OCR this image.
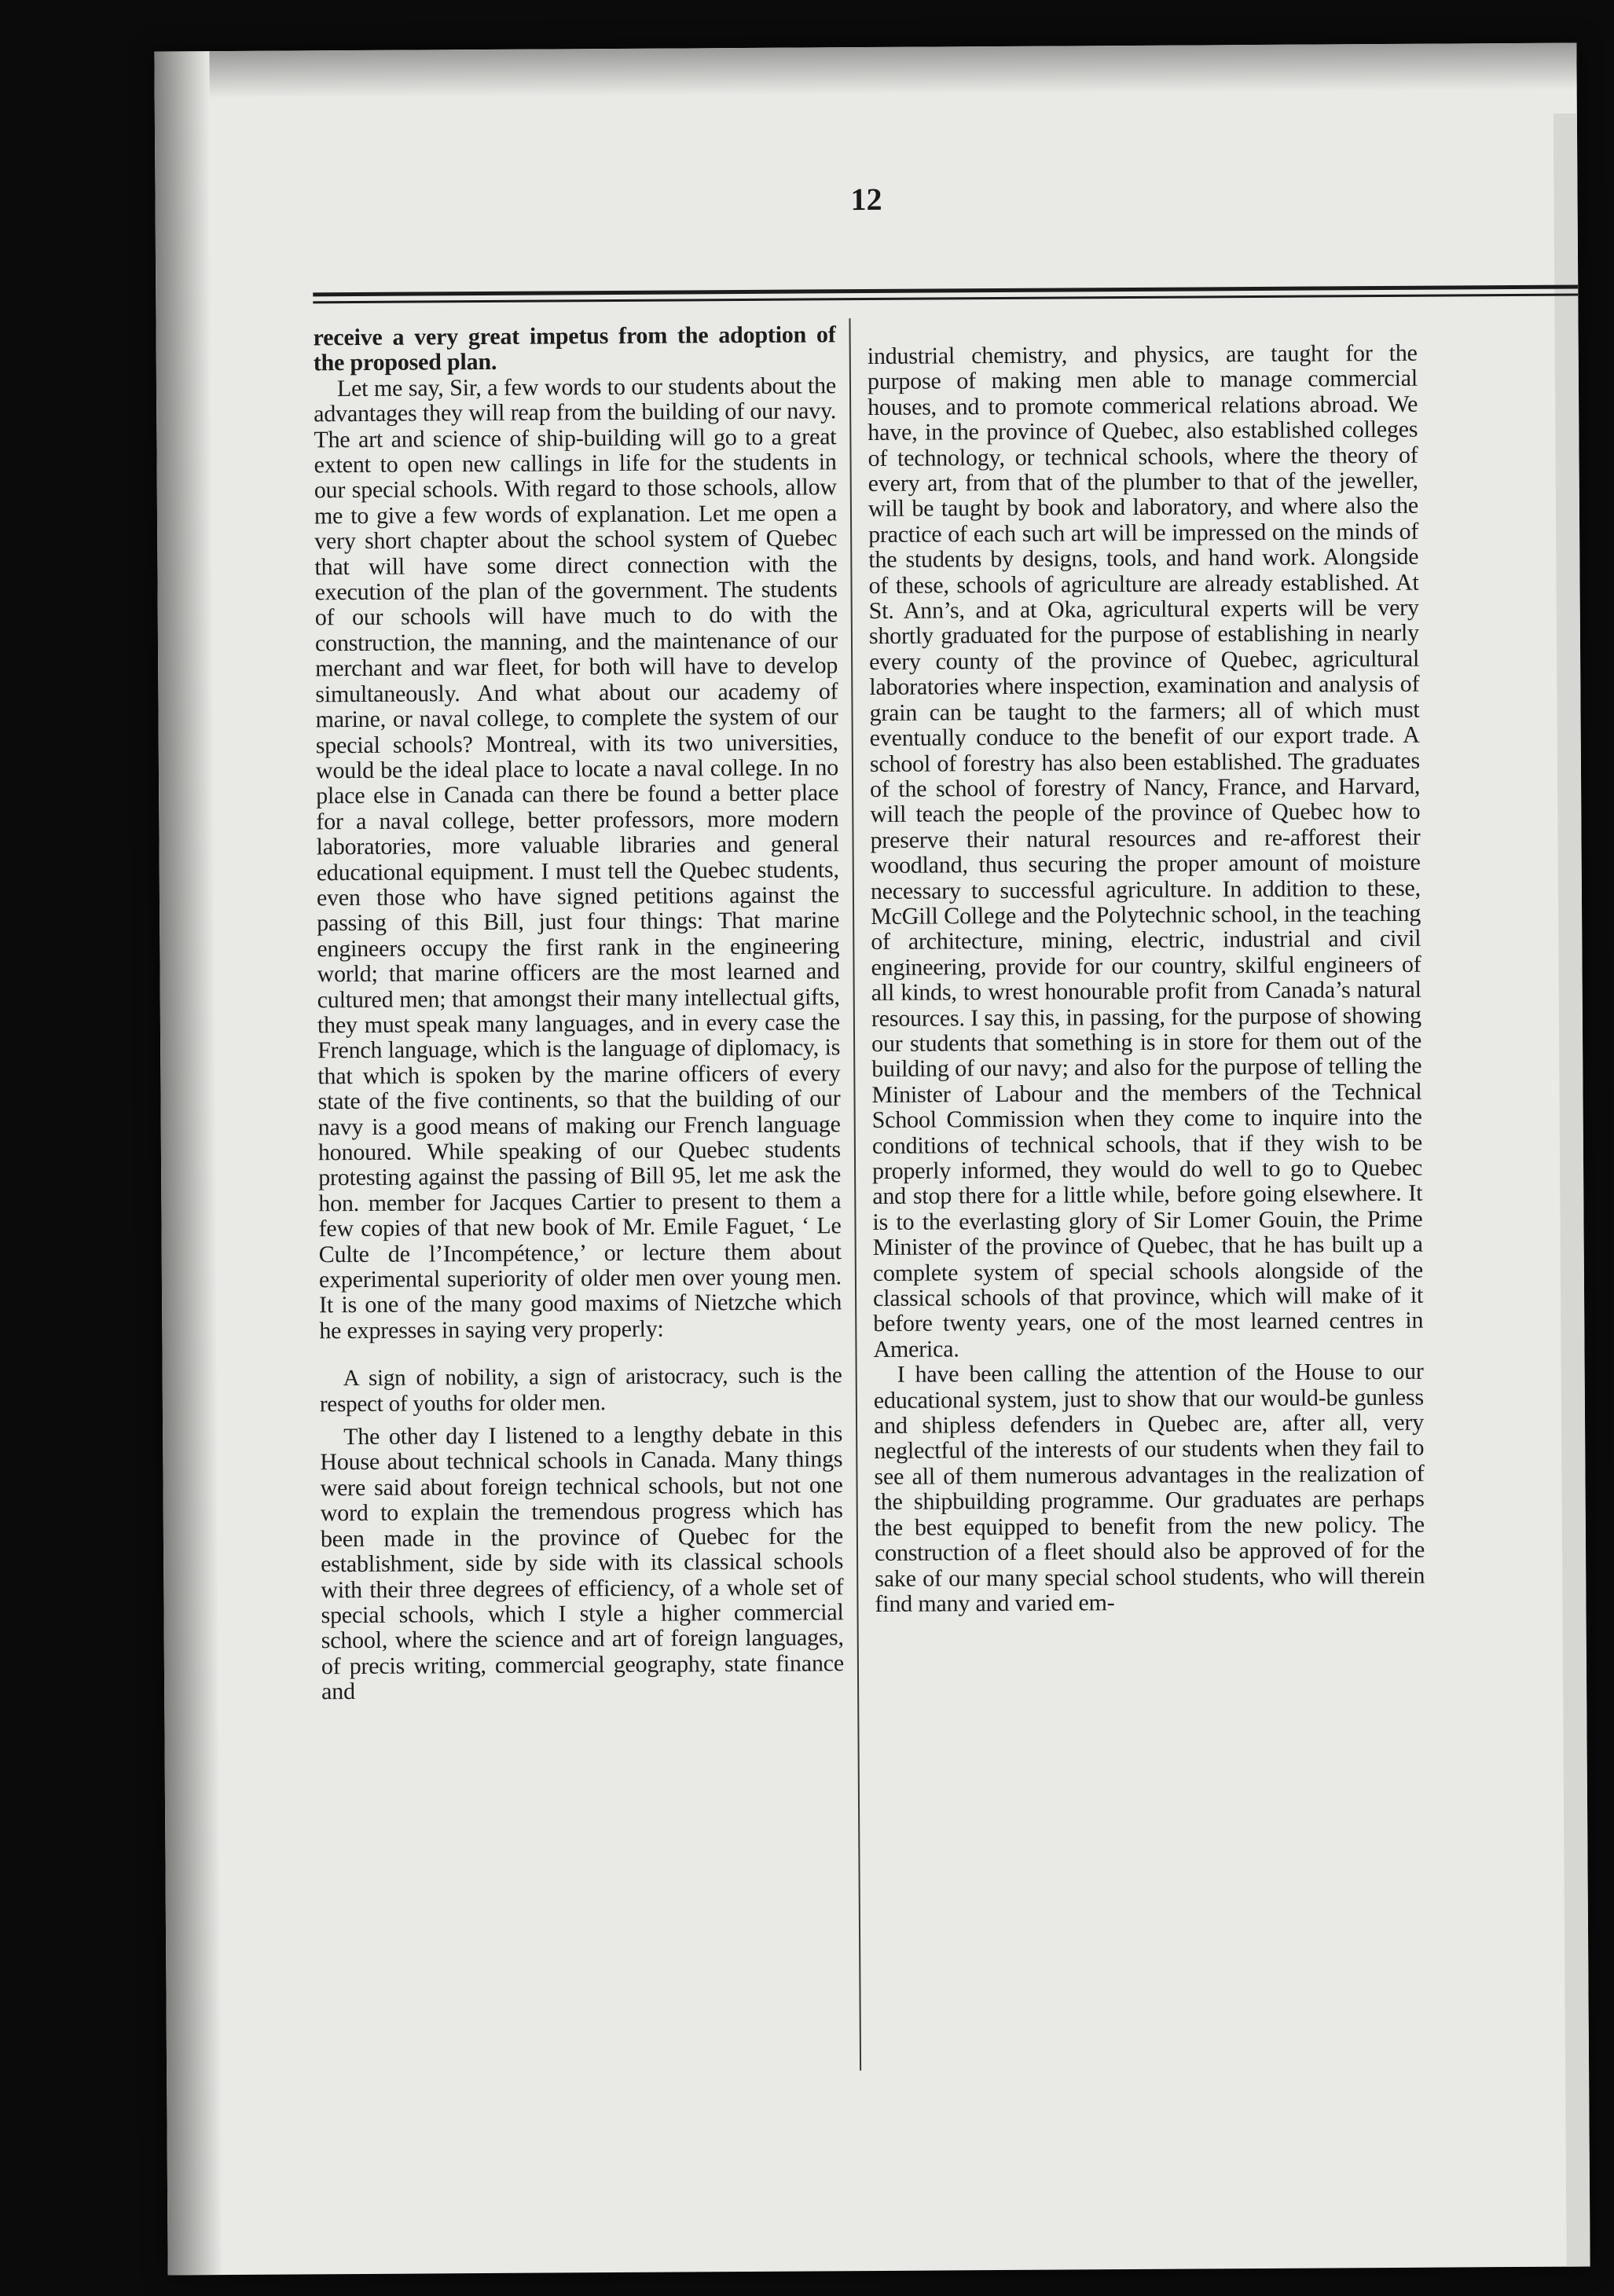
12

receive a very great impetus from the adoption of the proposed plan.

Let me say, Sir, a few words to our students about the advantages they will reap from the building of our navy. The art and science of ship-building will go to a great extent to open new callings in life for the students in our special schools. With regard to those schools, allow me to give a few words of explanation. Let me open a very short chapter about the school system of Quebec that will have some direct connection with the execution of the plan of the government. The students of our schools will have much to do with the construction, the manning, and the maintenance of our merchant and war fleet, for both will have to develop simultaneously. And what about our academy of marine, or naval college, to complete the system of our special schools? Montreal, with its two universities, would be the ideal place to locate a naval college. In no place else in Canada can there be found a better place for a naval college, better professors, more modern laboratories, more valuable libraries and general educational equipment. I must tell the Quebec students, even those who have signed petitions against the passing of this Bill, just four things: That marine engineers occupy the first rank in the engineering world; that marine officers are the most learned and cultured men; that amongst their many intellectual gifts, they must speak many languages, and in every case the French language, which is the language of diplomacy, is that which is spoken by the marine officers of every state of the five continents, so that the building of our navy is a good means of making our French language honoured. While speaking of our Quebec students protesting against the passing of Bill 95, let me ask the hon. member for Jacques Cartier to present to them a few copies of that new book of Mr. Emile Faguet, ‘ Le Culte de l’Incompétence,’ or lecture them about experimental superiority of older men over young men. It is one of the many good maxims of Nietzche which he expresses in saying very properly:

A sign of nobility, a sign of aristocracy, such is the respect of youths for older men.

The other day I listened to a lengthy debate in this House about technical schools in Canada. Many things were said about foreign technical schools, but not one word to explain the tremendous progress which has been made in the province of Quebec for the establishment, side by side with its classical schools with their three degrees of efficiency, of a whole set of special schools, which I style a higher commercial school, where the science and art of foreign languages, of precis writing, commercial geography, state finance and

industrial chemistry, and physics, are taught for the purpose of making men able to manage commercial houses, and to promote commerical relations abroad. We have, in the province of Quebec, also established colleges of technology, or technical schools, where the theory of every art, from that of the plumber to that of the jeweller, will be taught by book and laboratory, and where also the practice of each such art will be impressed on the minds of the students by designs, tools, and hand work. Alongside of these, schools of agriculture are already established. At St. Ann’s, and at Oka, agricultural experts will be very shortly graduated for the purpose of establishing in nearly every county of the province of Quebec, agricultural laboratories where inspection, examination and analysis of grain can be taught to the farmers; all of which must eventually conduce to the benefit of our export trade. A school of forestry has also been established. The graduates of the school of forestry of Nancy, France, and Harvard, will teach the people of the province of Quebec how to preserve their natural resources and re-afforest their woodland, thus securing the proper amount of moisture necessary to successful agriculture. In addition to these, McGill College and the Polytechnic school, in the teaching of architecture, mining, electric, industrial and civil engineering, provide for our country, skilful engineers of all kinds, to wrest honourable profit from Canada’s natural resources. I say this, in passing, for the purpose of showing our students that something is in store for them out of the building of our navy; and also for the purpose of telling the Minister of Labour and the members of the Technical School Commission when they come to inquire into the conditions of technical schools, that if they wish to be properly informed, they would do well to go to Quebec and stop there for a little while, before going elsewhere. It is to the everlasting glory of Sir Lomer Gouin, the Prime Minister of the province of Quebec, that he has built up a complete system of special schools alongside of the classical schools of that province, which will make of it before twenty years, one of the most learned centres in America.

I have been calling the attention of the House to our educational system, just to show that our would-be gunless and shipless defenders in Quebec are, after all, very neglectful of the interests of our students when they fail to see all of them numerous advantages in the realization of the shipbuilding programme. Our graduates are perhaps the best equipped to benefit from the new policy. The construction of a fleet should also be approved of for the sake of our many special school students, who will therein find many and varied em-
